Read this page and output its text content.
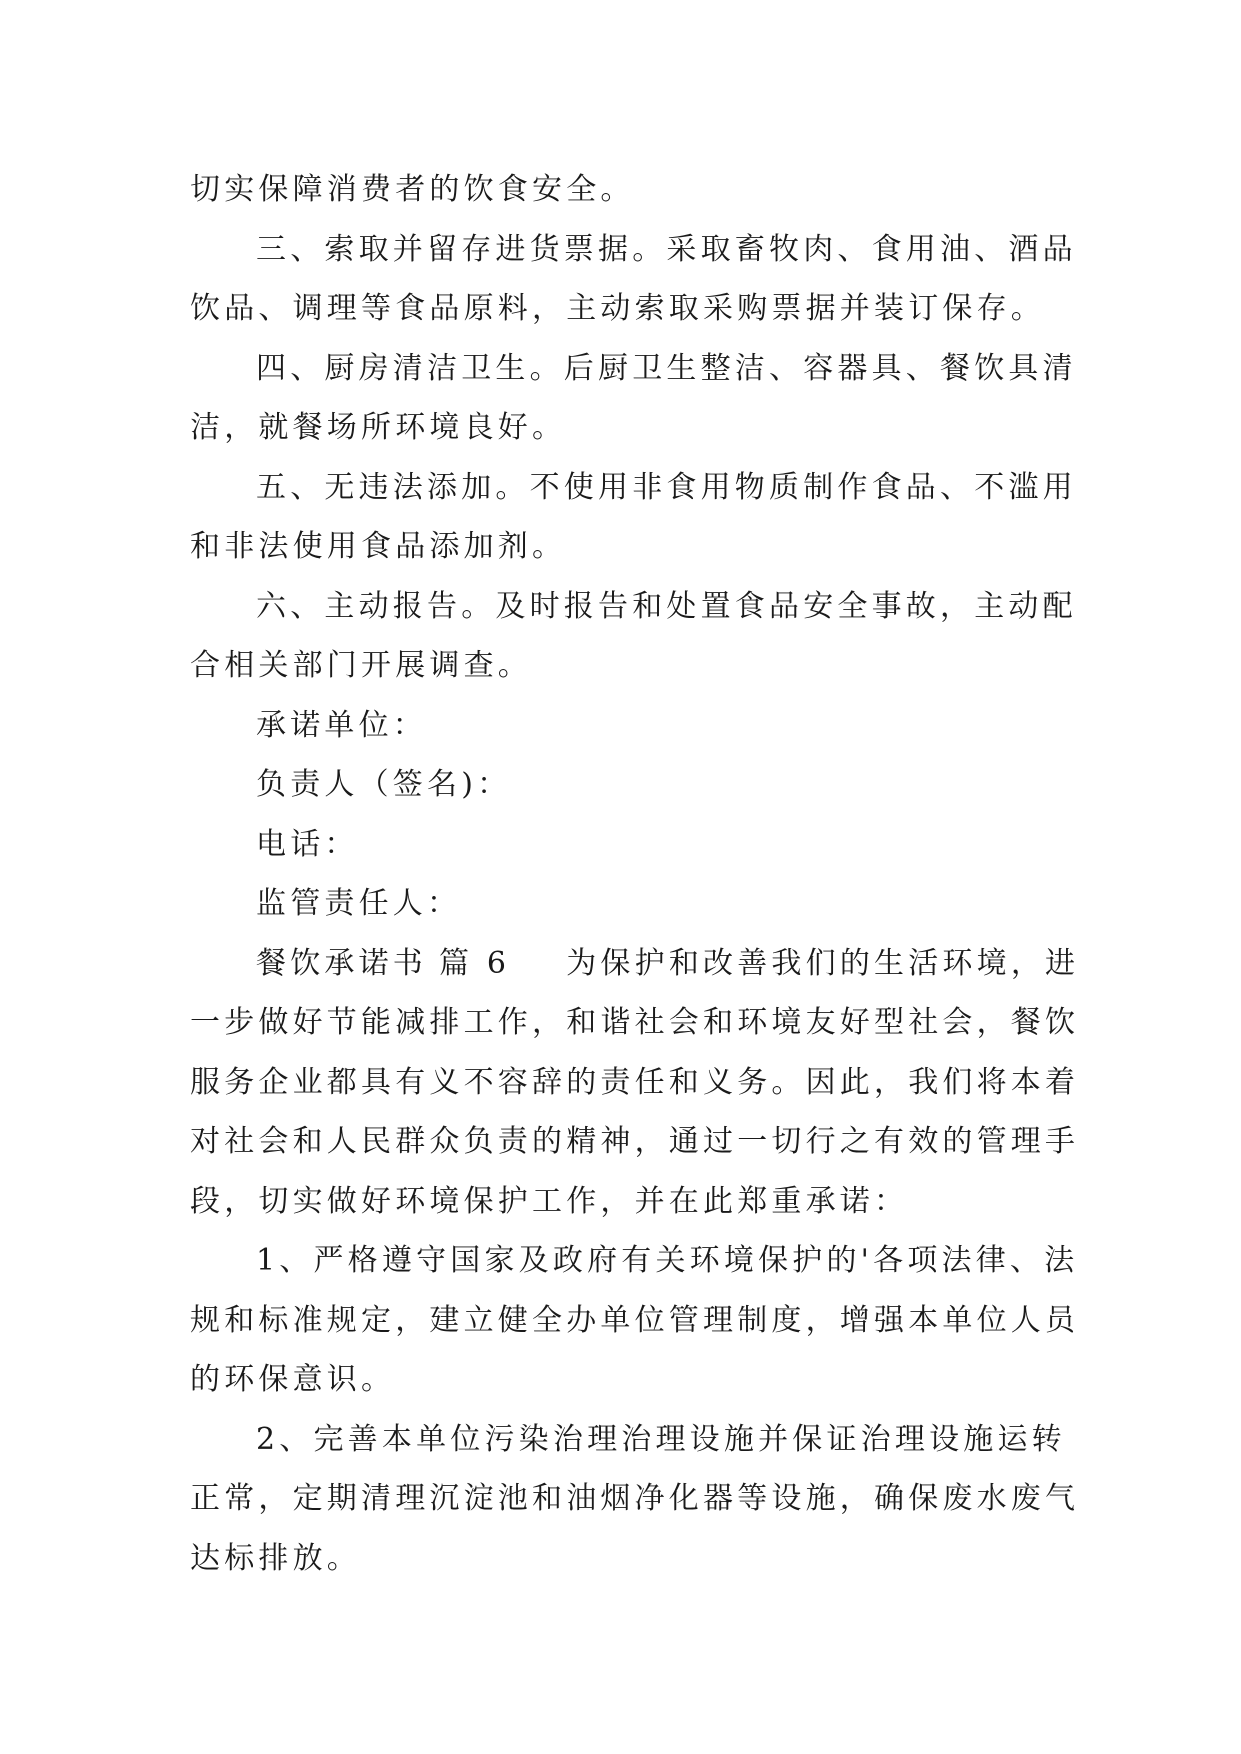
切实保障消费者的饮食安全。
三、索取并留存进货票据。采取畜牧肉、食用油、酒品
饮品、调理等食品原料，主动索取采购票据并装订保存。
四、厨房清洁卫生。后厨卫生整洁、容器具、餐饮具清
洁，就餐场所环境良好。
五、无违法添加。不使用非食用物质制作食品、不滥用
和非法使用食品添加剂。
六、主动报告。及时报告和处置食品安全事故，主动配
合相关部门开展调查。
承诺单位：
负责人（签名)：
电话：
监管责任人：
餐饮承诺书 篇 6 为保护和改善我们的生活环境，进
一步做好节能减排工作，和谐社会和环境友好型社会，餐饮
服务企业都具有义不容辞的责任和义务。因此，我们将本着
对社会和人民群众负责的精神，通过一切行之有效的管理手
段，切实做好环境保护工作，并在此郑重承诺：
1、严格遵守国家及政府有关环境保护的'各项法律、法
规和标准规定，建立健全办单位管理制度，增强本单位人员
的环保意识。
2、完善本单位污染治理治理设施并保证治理设施运转
正常，定期清理沉淀池和油烟净化器等设施，确保废水废气
达标排放。
